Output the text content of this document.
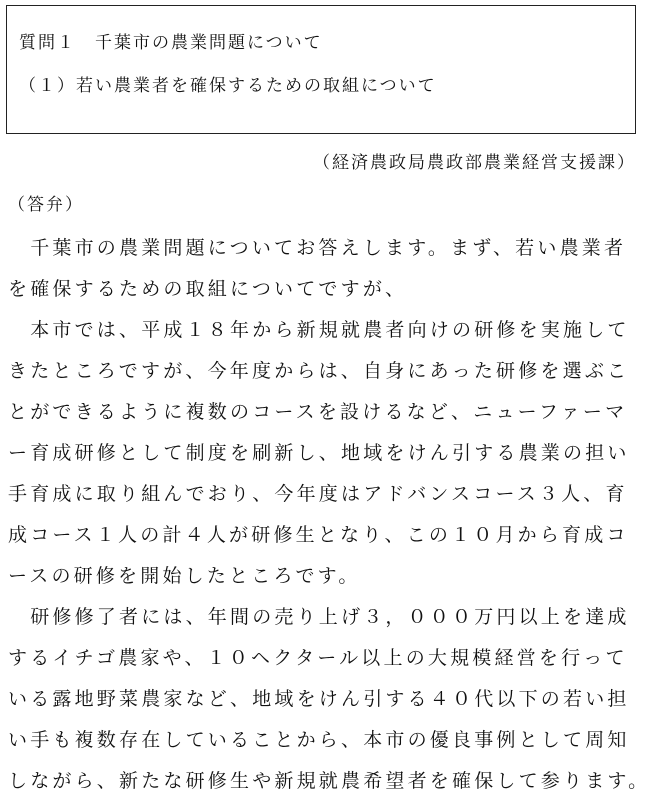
質問１　千葉市の農業問題について
（１）若い農業者を確保するための取組について
（経済農政局農政部農業経営支援課）
（答弁）
　千葉市の農業問題についてお答えします。まず、若い農業者
を確保するための取組についてですが、
　本市では、平成１８年から新規就農者向けの研修を実施して
きたところですが、今年度からは、自身にあった研修を選ぶこ
とができるように複数のコースを設けるなど、ニューファーマ
ー育成研修として制度を刷新し、地域をけん引する農業の担い
手育成に取り組んでおり、今年度はアドバンスコース３人、育
成コース１人の計４人が研修生となり、この１０月から育成コ
ースの研修を開始したところです。
　研修修了者には、年間の売り上げ３，０００万円以上を達成
するイチゴ農家や、１０ヘクタール以上の大規模経営を行って
いる露地野菜農家など、地域をけん引する４０代以下の若い担
い手も複数存在していることから、本市の優良事例として周知
しながら、新たな研修生や新規就農希望者を確保して参ります。
